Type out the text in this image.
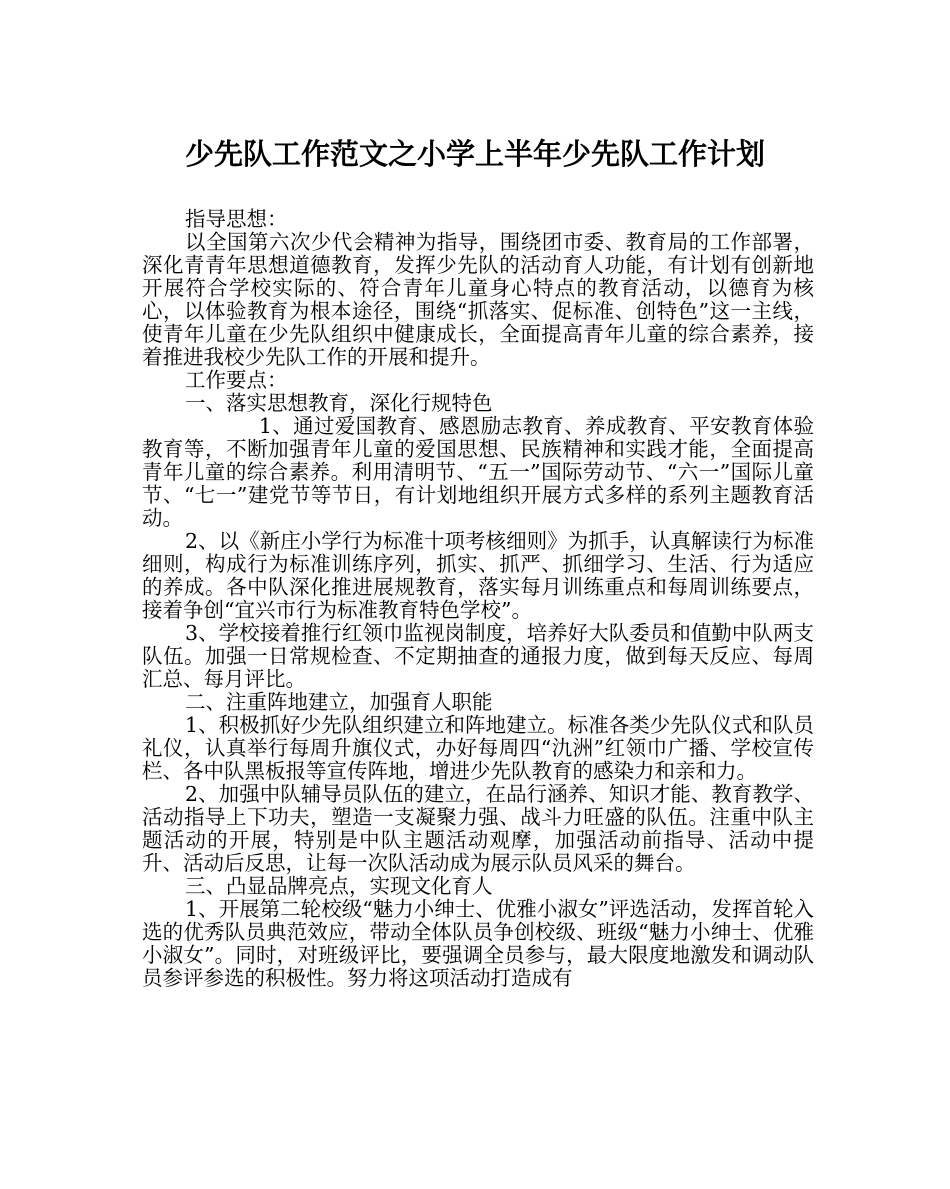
少先队工作范文之小学上半年少先队工作计划

指导思想：

以全国第六次少代会精神为指导，围绕团市委、教育局的工作部署，深化青青年思想道德教育，发挥少先队的活动育人功能，有计划有创新地开展符合学校实际的、符合青年儿童身心特点的教育活动，以德育为核心，以体验教育为根本途径，围绕“抓落实、促标准、创特色”这一主线，使青年儿童在少先队组织中健康成长，全面提高青年儿童的综合素养，接着推进我校少先队工作的开展和提升。

工作要点：

一、落实思想教育，深化行规特色

1、通过爱国教育、感恩励志教育、养成教育、平安教育体验教育等，不断加强青年儿童的爱国思想、民族精神和实践才能，全面提高青年儿童的综合素养。利用清明节、“五一”国际劳动节、“六一”国际儿童节、“七一”建党节等节日，有计划地组织开展方式多样的系列主题教育活动。

2、以《新庄小学行为标准十项考核细则》为抓手，认真解读行为标准细则，构成行为标准训练序列，抓实、抓严、抓细学习、生活、行为适应的养成。各中队深化推进展规教育，落实每月训练重点和每周训练要点，接着争创“宜兴市行为标准教育特色学校”。

3、学校接着推行红领巾监视岗制度，培养好大队委员和值勤中队两支队伍。加强一日常规检查、不定期抽查的通报力度，做到每天反应、每周汇总、每月评比。

二、注重阵地建立，加强育人职能

1、积极抓好少先队组织建立和阵地建立。标准各类少先队仪式和队员礼仪，认真举行每周升旗仪式，办好每周四“氿洲”红领巾广播、学校宣传栏、各中队黑板报等宣传阵地，增进少先队教育的感染力和亲和力。

2、加强中队辅导员队伍的建立，在品行涵养、知识才能、教育教学、活动指导上下功夫，塑造一支凝聚力强、战斗力旺盛的队伍。注重中队主题活动的开展，特别是中队主题活动观摩，加强活动前指导、活动中提升、活动后反思，让每一次队活动成为展示队员风采的舞台。

三、凸显品牌亮点，实现文化育人

1、开展第二轮校级“魅力小绅士、优雅小淑女”评选活动，发挥首轮入选的优秀队员典范效应，带动全体队员争创校级、班级“魅力小绅士、优雅小淑女”。同时，对班级评比，要强调全员参与，最大限度地激发和调动队员参评参选的积极性。努力将这项活动打造成有
